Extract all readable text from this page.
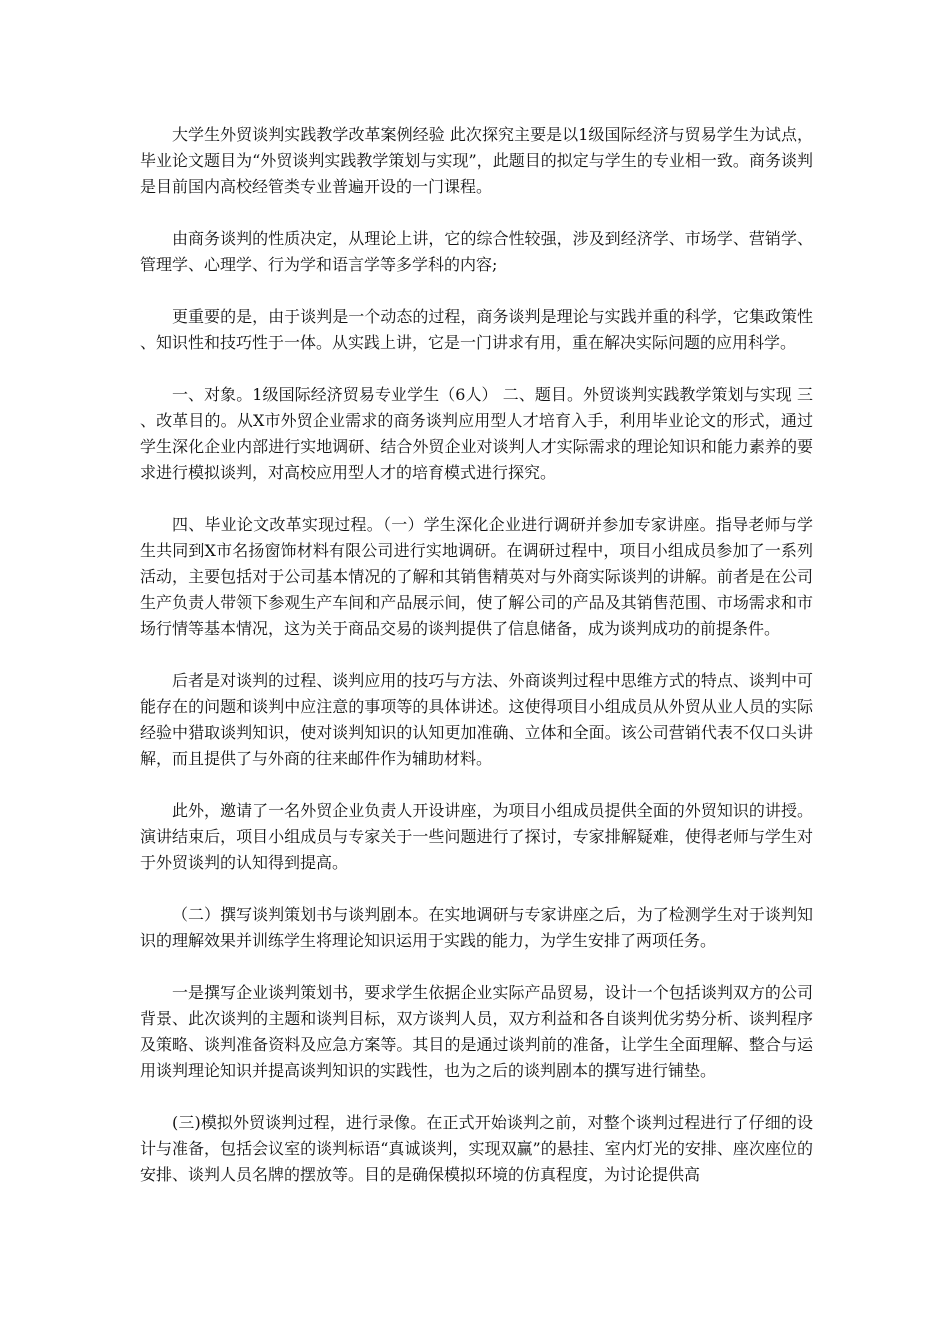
大学生外贸谈判实践教学改革案例经验 此次探究主要是以1级国际经济与贸易学生为试点，毕业论文题目为“外贸谈判实践教学策划与实现”，此题目的拟定与学生的专业相一致。商务谈判是目前国内高校经管类专业普遍开设的一门课程。

由商务谈判的性质决定，从理论上讲，它的综合性较强，涉及到经济学、市场学、营销学、管理学、心理学、行为学和语言学等多学科的内容;

更重要的是，由于谈判是一个动态的过程，商务谈判是理论与实践并重的科学，它集政策性、知识性和技巧性于一体。从实践上讲，它是一门讲求有用，重在解决实际问题的应用科学。

一、对象。1级国际经济贸易专业学生（6人） 二、题目。外贸谈判实践教学策划与实现 三、改革目的。从X市外贸企业需求的商务谈判应用型人才培育入手，利用毕业论文的形式，通过学生深化企业内部进行实地调研、结合外贸企业对谈判人才实际需求的理论知识和能力素养的要求进行模拟谈判，对高校应用型人才的培育模式进行探究。

四、毕业论文改革实现过程。（一）学生深化企业进行调研并参加专家讲座。指导老师与学生共同到X市名扬窗饰材料有限公司进行实地调研。在调研过程中，项目小组成员参加了一系列活动，主要包括对于公司基本情况的了解和其销售精英对与外商实际谈判的讲解。前者是在公司生产负责人带领下参观生产车间和产品展示间，使了解公司的产品及其销售范围、市场需求和市场行情等基本情况，这为关于商品交易的谈判提供了信息储备，成为谈判成功的前提条件。

后者是对谈判的过程、谈判应用的技巧与方法、外商谈判过程中思维方式的特点、谈判中可能存在的问题和谈判中应注意的事项等的具体讲述。这使得项目小组成员从外贸从业人员的实际经验中猎取谈判知识，使对谈判知识的认知更加准确、立体和全面。该公司营销代表不仅口头讲解，而且提供了与外商的往来邮件作为辅助材料。

此外，邀请了一名外贸企业负责人开设讲座，为项目小组成员提供全面的外贸知识的讲授。演讲结束后，项目小组成员与专家关于一些问题进行了探讨，专家排解疑难，使得老师与学生对于外贸谈判的认知得到提高。

（二）撰写谈判策划书与谈判剧本。在实地调研与专家讲座之后，为了检测学生对于谈判知识的理解效果并训练学生将理论知识运用于实践的能力，为学生安排了两项任务。

一是撰写企业谈判策划书，要求学生依据企业实际产品贸易，设计一个包括谈判双方的公司背景、此次谈判的主题和谈判目标，双方谈判人员，双方利益和各自谈判优劣势分析、谈判程序及策略、谈判准备资料及应急方案等。其目的是通过谈判前的准备，让学生全面理解、整合与运用谈判理论知识并提高谈判知识的实践性，也为之后的谈判剧本的撰写进行铺垫。

(三)模拟外贸谈判过程，进行录像。在正式开始谈判之前，对整个谈判过程进行了仔细的设计与准备，包括会议室的谈判标语“真诚谈判，实现双赢”的悬挂、室内灯光的安排、座次座位的安排、谈判人员名牌的摆放等。目的是确保模拟环境的仿真程度，为讨论提供高
